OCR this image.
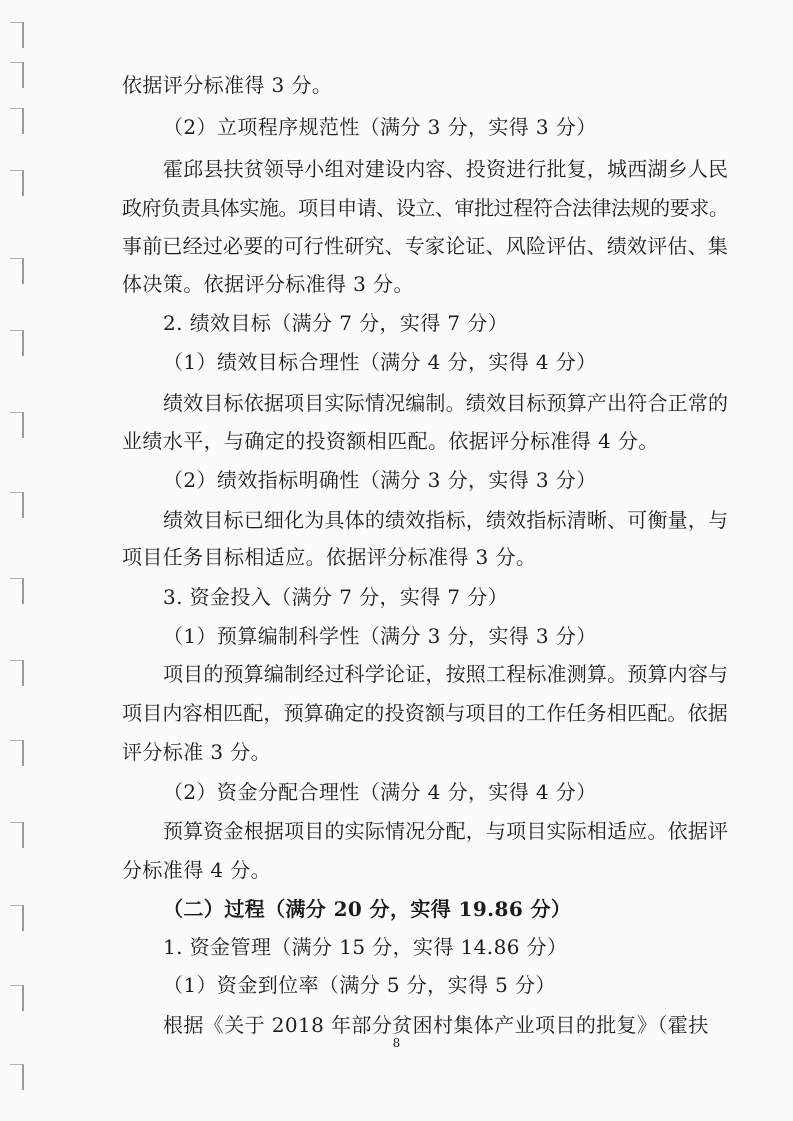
依据评分标准得 3 分。
（2）立项程序规范性（满分 3 分，实得 3 分）
霍邱县扶贫领导小组对建设内容、投资进行批复，城西湖乡人民
政府负责具体实施。项目申请、设立、审批过程符合法律法规的要求。
事前已经过必要的可行性研究、专家论证、风险评估、绩效评估、集
体决策。依据评分标准得 3 分。
2. 绩效目标（满分 7 分，实得 7 分）
（1）绩效目标合理性（满分 4 分，实得 4 分）
绩效目标依据项目实际情况编制。绩效目标预算产出符合正常的
业绩水平，与确定的投资额相匹配。依据评分标准得 4 分。
（2）绩效指标明确性（满分 3 分，实得 3 分）
绩效目标已细化为具体的绩效指标，绩效指标清晰、可衡量，与
项目任务目标相适应。依据评分标准得 3 分。
3. 资金投入（满分 7 分，实得 7 分）
（1）预算编制科学性（满分 3 分，实得 3 分）
项目的预算编制经过科学论证，按照工程标准测算。预算内容与
项目内容相匹配，预算确定的投资额与项目的工作任务相匹配。依据
评分标准 3 分。
（2）资金分配合理性（满分 4 分，实得 4 分）
预算资金根据项目的实际情况分配，与项目实际相适应。依据评
分标准得 4 分。
（二）过程（满分 20 分，实得 19.86 分）
1. 资金管理（满分 15 分，实得 14.86 分）
（1）资金到位率（满分 5 分，实得 5 分）
根据《关于 2018 年部分贫困村集体产业项目的批复》（霍扶
8
